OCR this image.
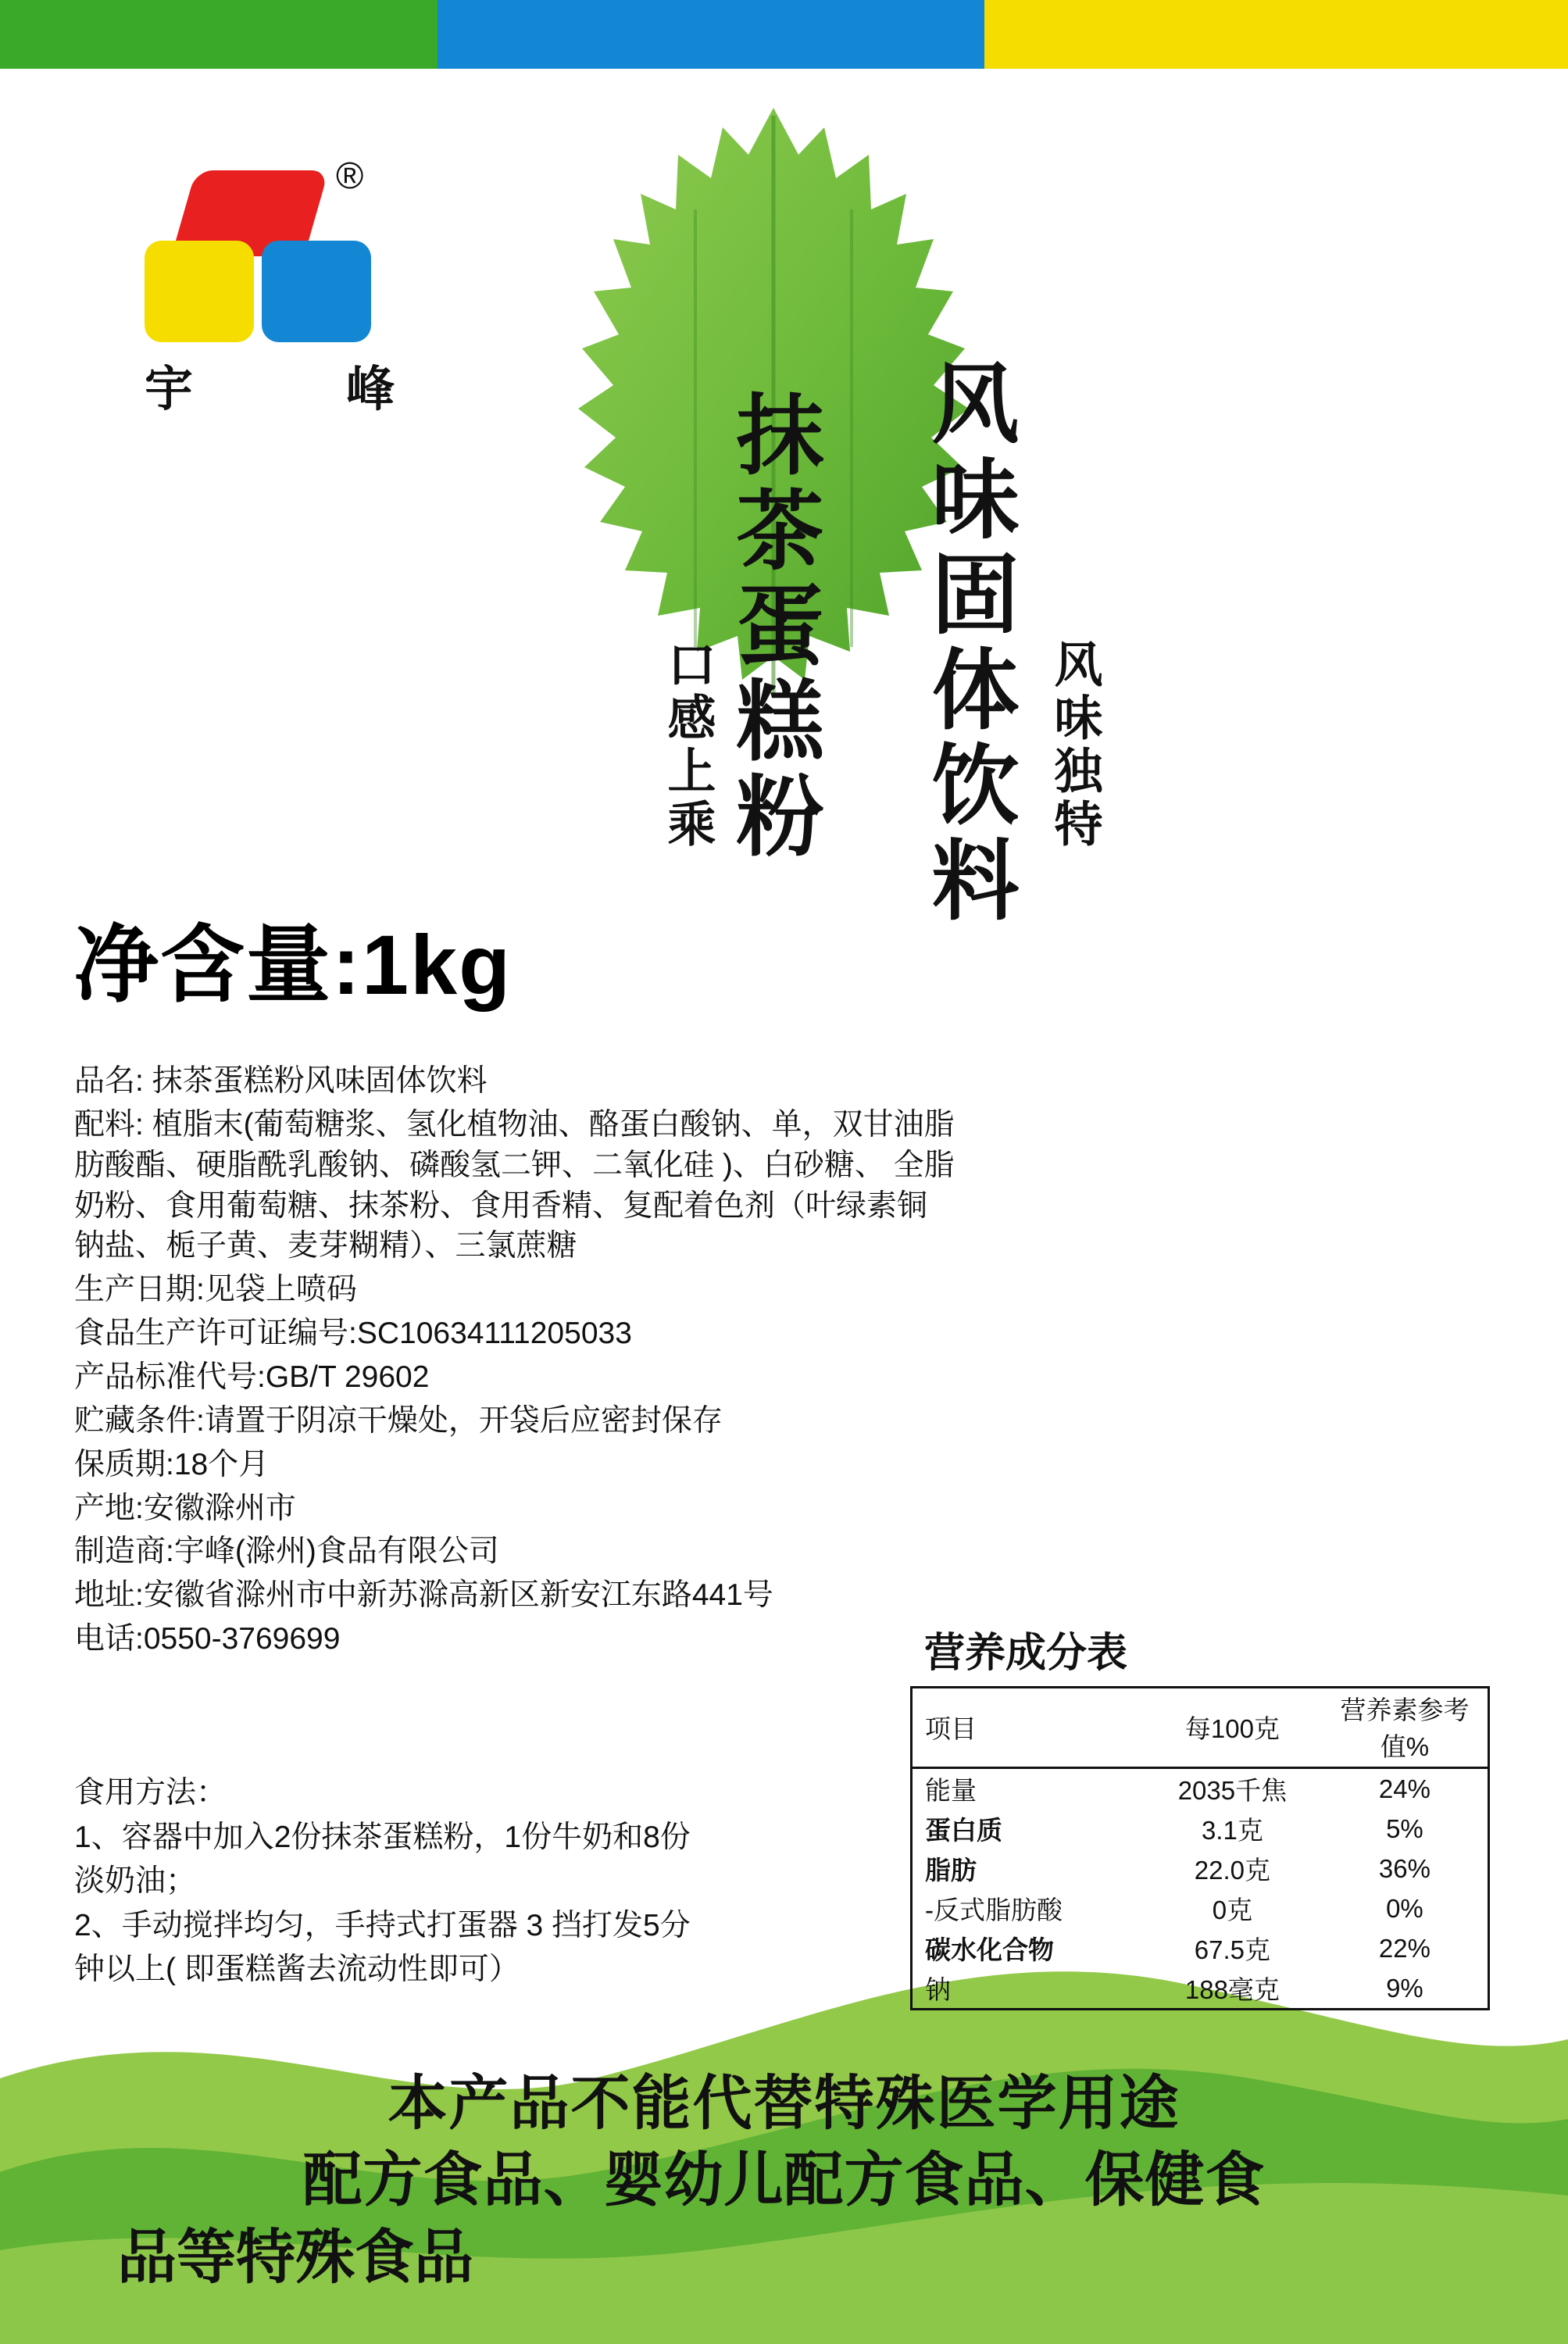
®
宇	峰	风味固体饮料
抹茶蛋糕粉	风味独特
口感上乘
净含量:1kg
品名: 抹茶蛋糕粉风味固体饮料
配料: 植脂末(葡萄糖浆、氢化植物油、酪蛋白酸钠、单，双甘油脂肪酸酯、硬脂酰乳酸钠、磷酸氢二钾、二氧化硅 )、白砂糖、 全脂奶粉、食用葡萄糖、抹茶粉、食用香精、复配着色剂（叶绿素铜钠盐、栀子黄、麦芽糊精）、三氯蔗糖
生产日期:见袋上喷码
食品生产许可证编号:SC10634111205033
产品标准代号:GB/T 29602
贮藏条件:请置于阴凉干燥处，开袋后应密封保存
保质期:18个月
产地:安徽滁州市
制造商:宇峰(滁州)食品有限公司
地址:安徽省滁州市中新苏滁高新区新安江东路441号
电话:0550-3769699
食用方法：
1、容器中加入2份抹茶蛋糕粉，1份牛奶和8份
淡奶油；
2、手动搅拌均匀，手持式打蛋器 3 挡打发5分
钟以上( 即蛋糕酱去流动性即可）
营养成分表
项目	每100克	营养素参考值%
能量	2035千焦	24%
蛋白质	3.1克	5%
脂肪	22.0克	36%
-反式脂肪酸	0克	0%
碳水化合物	67.5克	22%
钠	188毫克	9%
本产品不能代替特殊医学用途
配方食品、婴幼儿配方食品、保健食
品等特殊食品
